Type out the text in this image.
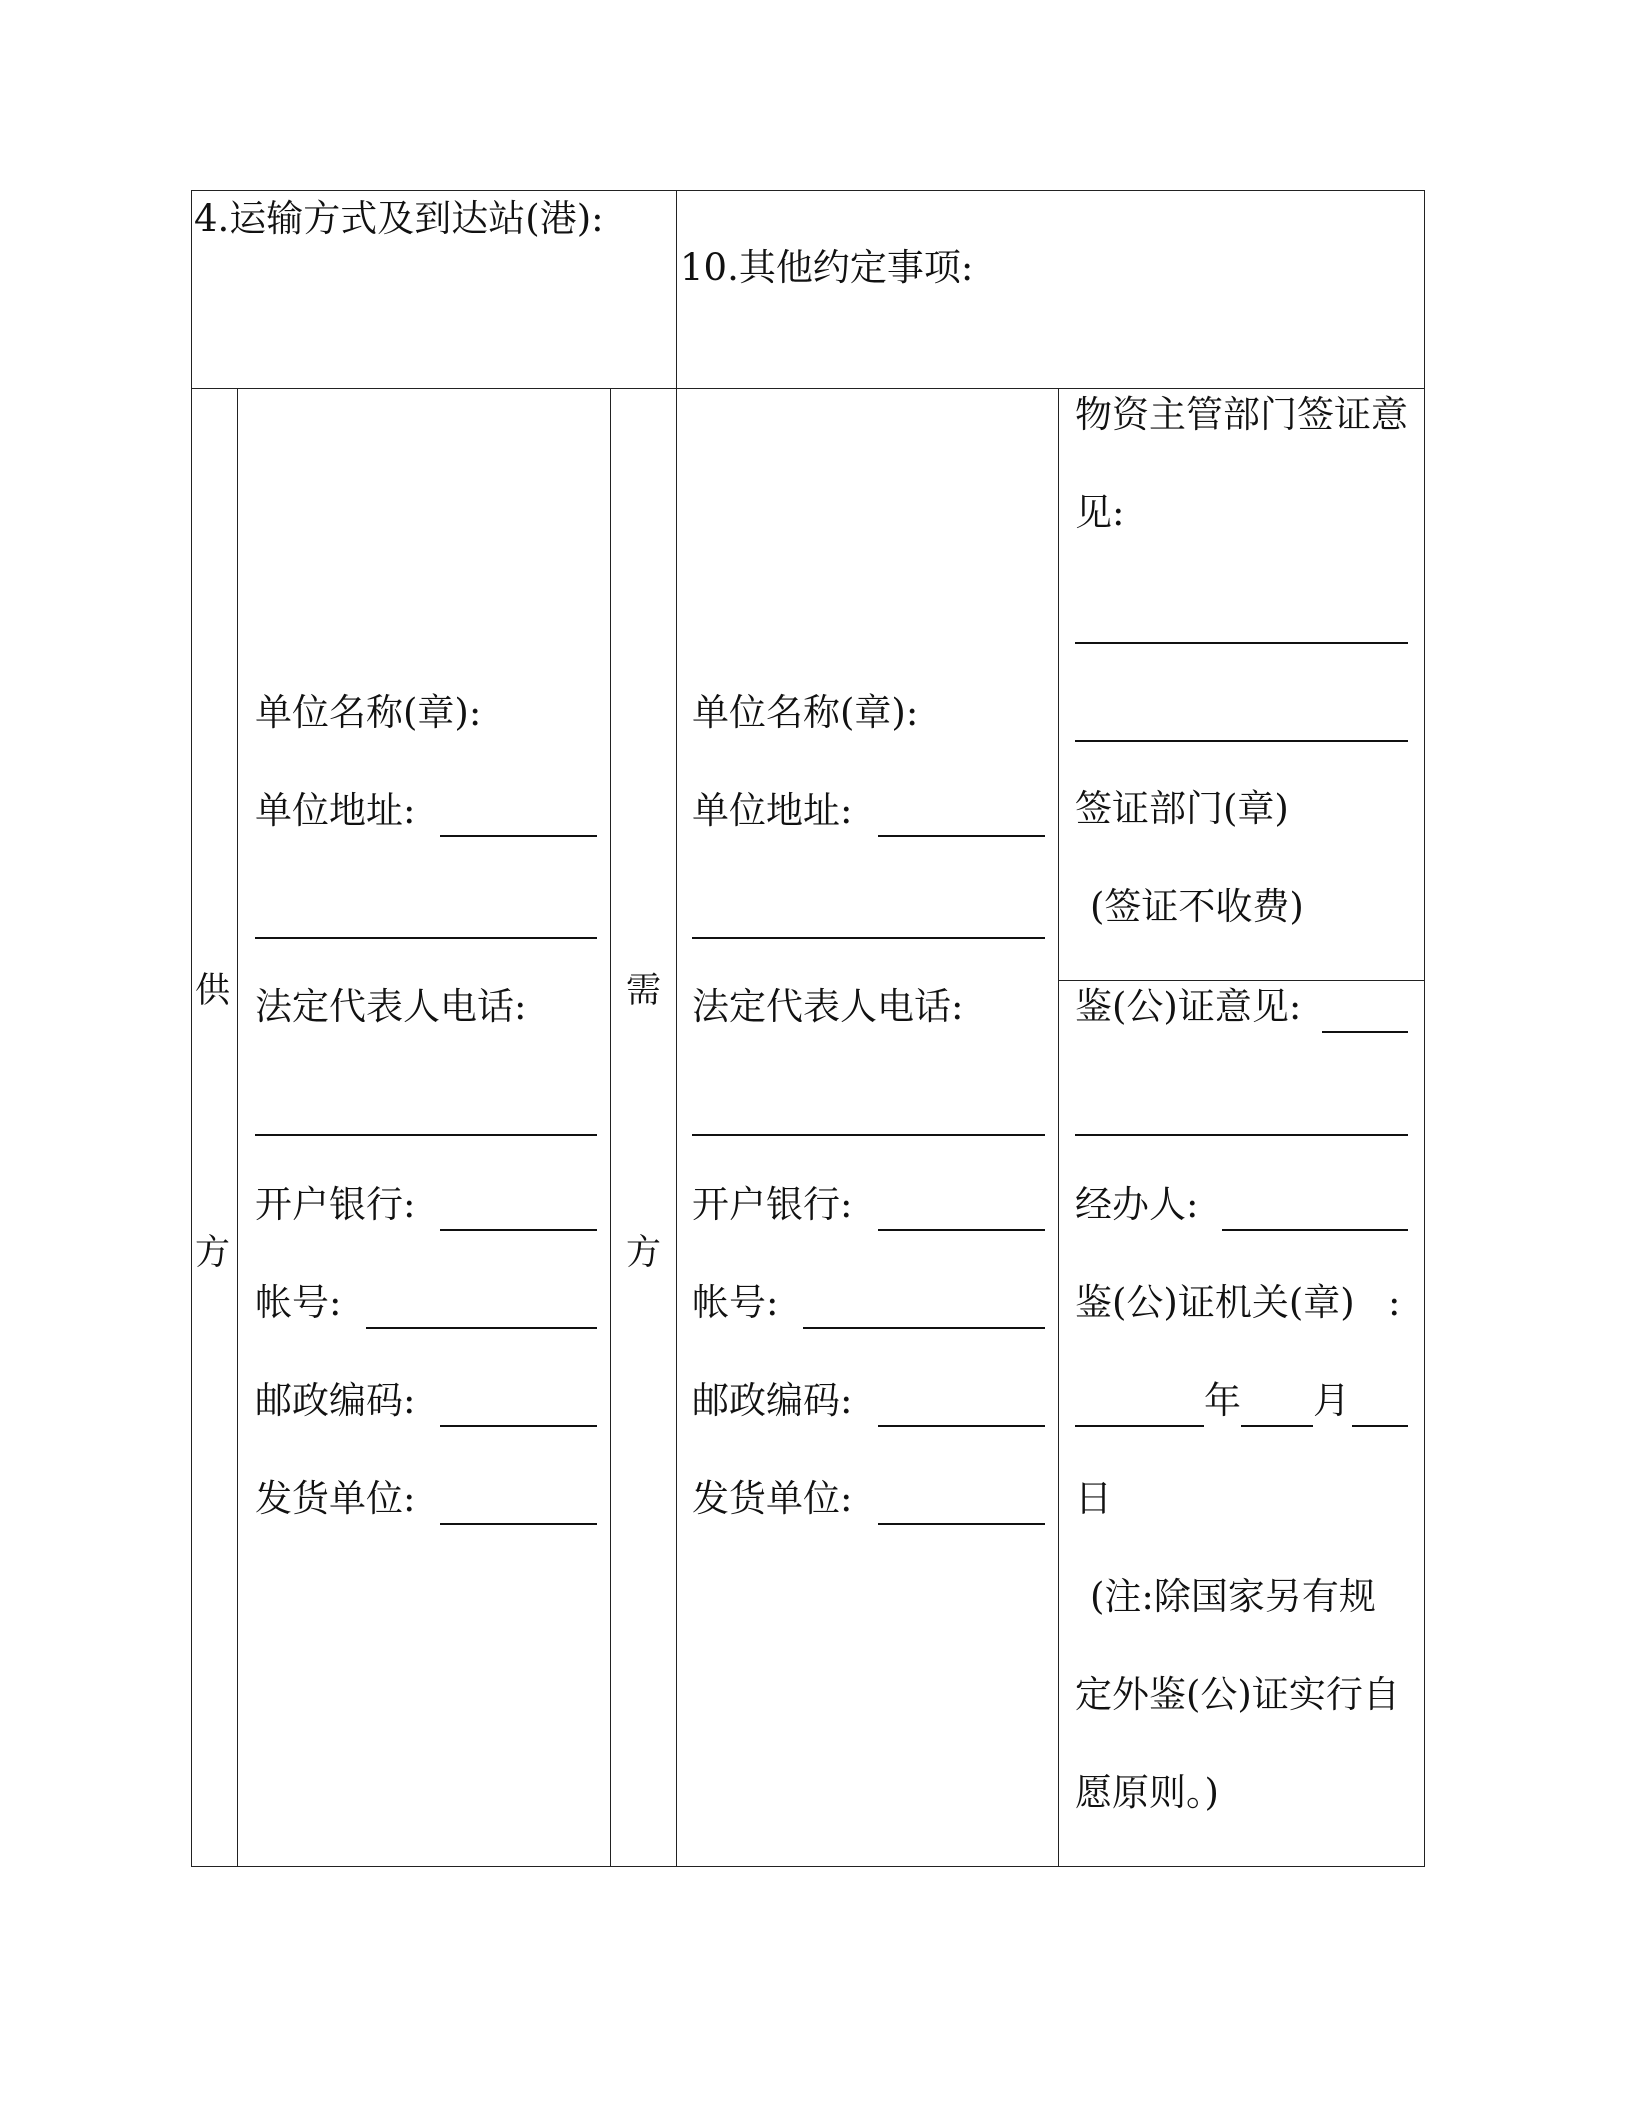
4.运输方式及到达站(港):
10.其他约定事项:
供
方
单位名称(章):
单位地址:
法定代表人电话:
开户银行:
帐号:
邮政编码:
发货单位:
需
方
单位名称(章):
单位地址:
法定代表人电话:
开户银行:
帐号:
邮政编码:
发货单位:
物资主管部门签证意
见:
签证部门(章)
(签证不收费)
鉴(公)证意见:
经办人:
鉴(公)证机关(章) :
年 月
日
(注:除国家另有规
定外鉴(公)证实行自
愿原则。)
